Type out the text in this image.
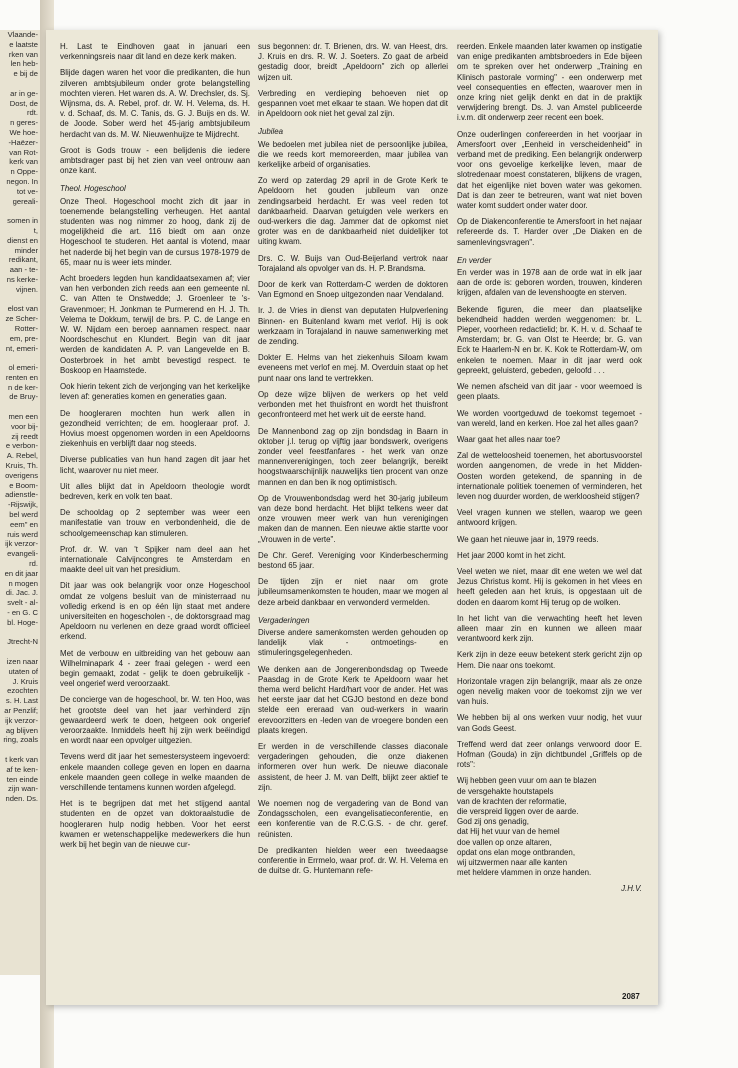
Vlaande-
e laatste
rken van
len heb-
e bij de

ar in ge-
Dost, de
rdt.
n geres-
We hoe-
-Haëzer-
van Rot-
kerk van
n Oppe-
negon. In
tot ve-
gereali-

somen in
t,
dienst en
minder
redikant,
aan - te-
ns kerke-
vijnen.

elost van
ze Scher-
Rotter-
em, pre-
nt, emeri-

ol emeri-
renten en
n de ker-
de Bruy-

men een
voor bij-
zij reedt
e verbon-
A. Rebel,
Kruis, Th.
overigens
e Boom-
adienstle-
-Rijswijk,
bel werd
eem" en
ruis werd
ijk verzor-
evangeli-
rd.
en dit jaar
n mogen
di. Jac. J.
svelt - al-
- en G. C
bl. Hoge-

Jtrecht-N

izen naar
utaten of
J. Kruis
ezochten
s. H. Last
ar Penzlif;
ijk verzor-
ag blijven
ring, zoals

t kerk van
af te ken-
ten einde
zijn wan-
nden. Ds.

H. Last te Eindhoven gaat in januari een verkenningsreis naar dit land en deze kerk maken.

Blijde dagen waren het voor die predikanten, die hun zilveren ambtsjubileum onder grote belangstelling mochten vieren. Het waren ds. A. W. Drechsler, ds. Sj. Wijnsma, ds. A. Rebel, prof. dr. W. H. Velema, ds. H. v. d. Schaaf, ds. M. C. Tanis, ds. G. J. Buijs en ds. W. de Joode. Sober werd het 45-jarig ambtsjubileum herdacht van ds. M. W. Nieuwenhuijze te Mijdrecht.

Groot is Gods trouw - een belijdenis die iedere ambtsdrager past bij het zien van veel ontrouw aan onze kant.

Theol. Hogeschool

Onze Theol. Hogeschool mocht zich dit jaar in toenemende belangstelling verheugen. Het aantal studenten was nog nimmer zo hoog, dank zij de mogelijkheid die art. 116 biedt om aan onze Hogeschool te studeren. Het aantal is vlotend, maar het naderde bij het begin van de cursus 1978-1979 de 65, maar nu is weer iets minder.

Acht broeders legden hun kandidaatsexamen af; vier van hen verbonden zich reeds aan een gemeente nl. C. van Atten te Onstwedde; J. Groenleer te 's-Gravenmoer; H. Jonkman te Purmerend en H. J. Th. Velema te Dokkum, terwijl de brs. P. C. de Lange en W. W. Nijdam een beroep aannamen respect. naar Noordscheschut en Klundert. Begin van dit jaar werden de kandidaten A. P. van Langevelde en B. Oosterbroek in het ambt bevestigd respect. te Boskoop en Haamstede.

Ook hierin tekent zich de verjonging van het kerkelijke leven af: generaties komen en generaties gaan.

De hoogleraren mochten hun werk allen in gezondheid verrichten; de em. hoogleraar prof. J. Hovius moest opgenomen worden in een Apeldoorns ziekenhuis en verblijft daar nog steeds.

Diverse publicaties van hun hand zagen dit jaar het licht, waarover nu niet meer.

Uit alles blijkt dat in Apeldoorn theologie wordt bedreven, kerk en volk ten baat.

De schooldag op 2 september was weer een manifestatie van trouw en verbondenheid, die de schoolgemeenschap kan stimuleren.

Prof. dr. W. van 't Spijker nam deel aan het internationale Calvijncongres te Amsterdam en maakte deel uit van het presidium.

Dit jaar was ook belangrijk voor onze Hogeschool omdat ze volgens besluit van de ministerraad nu volledig erkend is en op één lijn staat met andere universiteiten en hogescholen -, de doktorsgraad mag Apeldoorn nu verlenen en deze graad wordt officieel erkend.

Met de verbouw en uitbreiding van het gebouw aan Wilhelminapark 4 - zeer fraai gelegen - werd een begin gemaakt, zodat - gelijk te doen gebruikelijk - veel ongerief werd veroorzaakt.

De concierge van de hogeschool, br. W. ten Hoo, was het grootste deel van het jaar verhinderd zijn gewaardeerd werk te doen, hetgeen ook ongerief veroorzaakte. Inmiddels heeft hij zijn werk beëindigd en wordt naar een opvolger uitgezien.

Tevens werd dit jaar het semestersysteem ingevoerd: enkele maanden college geven en lopen en daarna enkele maanden geen college in welke maanden de verschillende tentamens kunnen worden afgelegd.

Het is te begrijpen dat met het stijgend aantal studenten en de opzet van doktoraalstudie de hoogleraren hulp nodig hebben. Voor het eerst kwamen er wetenschappelijke medewerkers die hun werk bij het begin van de nieuwe cur-

sus begonnen: dr. T. Brienen, drs. W. van Heest, drs. J. Kruis en drs. R. W. J. Soeters. Zo gaat de arbeid gestadig door, breidt „Apeldoorn" zich op allerlei wijzen uit.

Verbreding en verdieping behoeven niet op gespannen voet met elkaar te staan. We hopen dat dit in Apeldoorn ook niet het geval zal zijn.

Jubilea

We bedoelen met jubilea niet de persoonlijke jubilea, die we reeds kort memoreerden, maar jubilea van kerkelijke arbeid of organisaties.

Zo werd op zaterdag 29 april in de Grote Kerk te Apeldoorn het gouden jubileum van onze zendingsarbeid herdacht. Er was veel reden tot dankbaarheid. Daarvan getuigden vele werkers en oud-werkers die dag. Jammer dat de opkomst niet groter was en de dankbaarheid niet duidelijker tot uiting kwam.

Drs. C. W. Buijs van Oud-Beijerland vertrok naar Torajaland als opvolger van ds. H. P. Brandsma.

Door de kerk van Rotterdam-C werden de doktoren Van Egmond en Snoep uitgezonden naar Vendaland.

Ir. J. de Vries in dienst van deputaten Hulpverlening Binnen- en Buitenland kwam met verlof. Hij is ook werkzaam in Torajaland in nauwe samenwerking met de zending.

Dokter E. Helms van het ziekenhuis Siloam kwam eveneens met verlof en mej. M. Overduin staat op het punt naar ons land te vertrekken.

Op deze wijze blijven de werkers op het veld verbonden met het thuisfront en wordt het thuisfront geconfronteerd met het werk uit de eerste hand.

De Mannenbond zag op zijn bondsdag in Baarn in oktober j.l. terug op vijftig jaar bondswerk, overigens zonder veel feestfanfares - het werk van onze mannenverenigingen, toch zeer belangrijk, bereikt hoogstwaarschijnlijk nauwelijks tien procent van onze mannen en dan ben ik nog optimistisch.

Op de Vrouwenbondsdag werd het 30-jarig jubileum van deze bond herdacht. Het blijkt telkens weer dat onze vrouwen meer werk van hun verenigingen maken dan de mannen. Een nieuwe aktie startte voor „Vrouwen in de verte".

De Chr. Geref. Vereniging voor Kinderbescherming bestond 65 jaar.

De tijden zijn er niet naar om grote jubileumsamenkomsten te houden, maar we mogen al deze arbeid dankbaar en verwonderd vermelden.

Vergaderingen

Diverse andere samenkomsten werden gehouden op landelijk vlak - ontmoetings- en stimuleringsgelegenheden.

We denken aan de Jongerenbondsdag op Tweede Paasdag in de Grote Kerk te Apeldoorn waar het thema werd belicht Hard/hart voor de ander. Het was het eerste jaar dat het CGJO bestond en deze bond stelde een ereraad van oud-werkers in waarin erevoorzitters en -leden van de vroegere bonden een plaats kregen.

Er werden in de verschillende classes diaconale vergaderingen gehouden, die onze diakenen informeren over hun werk. De nieuwe diaconale assistent, de heer J. M. van Delft, blijkt zeer aktief te zijn.

We noemen nog de vergadering van de Bond van Zondagsscholen, een evangelisatieconferentie, en een konferentie van de R.C.G.S. - de chr. geref. reünisten.

De predikanten hielden weer een tweedaagse conferentie in Errmelo, waar prof. dr. W. H. Velema en de duitse dr. G. Huntemann refe-

reerden. Enkele maanden later kwamen op instigatie van enige predikanten ambtsbroeders in Ede bijeen om te spreken over het onderwerp „Training en Klinisch pastorale vorming" - een onderwerp met veel consequenties en effecten, waarover men in onze kring niet gelijk denkt en dat in de praktijk verwijdering brengt. Ds. J. van Amstel publiceerde i.v.m. dit onderwerp zeer recent een boek.

Onze ouderlingen confereerden in het voorjaar in Amersfoort over „Eenheid in verscheidenheid" in verband met de prediking. Een belangrijk onderwerp voor ons gevoelige kerkelijke leven, maar de slotredenaar moest constateren, blijkens de vragen, dat het eigenlijke niet boven water was gekomen. Dat is dan zeer te betreuren, want wat niet boven water komt suddert onder water door.

Op de Diakenconferentie te Amersfoort in het najaar refereerde ds. T. Harder over „De Diaken en de samenlevingsvragen".

En verder

En verder was in 1978 aan de orde wat in elk jaar aan de orde is: geboren worden, trouwen, kinderen krijgen, afdalen van de levenshoogte en sterven.

Bekende figuren, die meer dan plaatselijke bekendheid hadden werden weggenomen: br. L. Pieper, voorheen redactielid; br. K. H. v. d. Schaaf te Amsterdam; br. G. van Olst te Heerde; br. G. van Eck te Haarlem-N en br. K. Kok te Rotterdam-W, om enkelen te noemen. Maar in dit jaar werd ook gepreekt, geluisterd, gebeden, geloofd . . .

We nemen afscheid van dit jaar - voor weemoed is geen plaats.

We worden voortgeduwd de toekomst tegemoet - van wereld, land en kerken. Hoe zal het alles gaan?

Waar gaat het alles naar toe?

Zal de wetteloosheid toenemen, het abortusvoorstel worden aangenomen, de vrede in het Midden-Oosten worden getekend, de spanning in de internationale politiek toenemen of verminderen, het leven nog duurder worden, de werkloosheid stijgen?

Veel vragen kunnen we stellen, waarop we geen antwoord krijgen.

We gaan het nieuwe jaar in, 1979 reeds.

Het jaar 2000 komt in het zicht.

Veel weten we niet, maar dit ene weten we wel dat Jezus Christus komt. Hij is gekomen in het vlees en heeft geleden aan het kruis, is opgestaan uit de doden en daarom komt Hij terug op de wolken.

In het licht van die verwachting heeft het leven alleen maar zin en kunnen we alleen maar verantwoord kerk zijn.

Kerk zijn in deze eeuw betekent sterk gericht zijn op Hem. Die naar ons toekomt.

Horizontale vragen zijn belangrijk, maar als ze onze ogen nevelig maken voor de toekomst zijn we ver van huis.

We hebben bij al ons werken vuur nodig, het vuur van Gods Geest.

Treffend werd dat zeer onlangs verwoord door E. Hofman (Gouda) in zijn dichtbundel „Griffels op de rots":

Wij hebben geen vuur om aan te blazen

de versgehakte houtstapels

van de krachten der reformatie,

die verspreid liggen over de aarde.

God zij ons genadig,

dat Hij het vuur van de hemel

doe vallen op onze altaren,

opdat ons elan moge ontbranden,

wij uitzwermen naar alle kanten

met heldere vlammen in onze handen.

J.H.V.
2087
